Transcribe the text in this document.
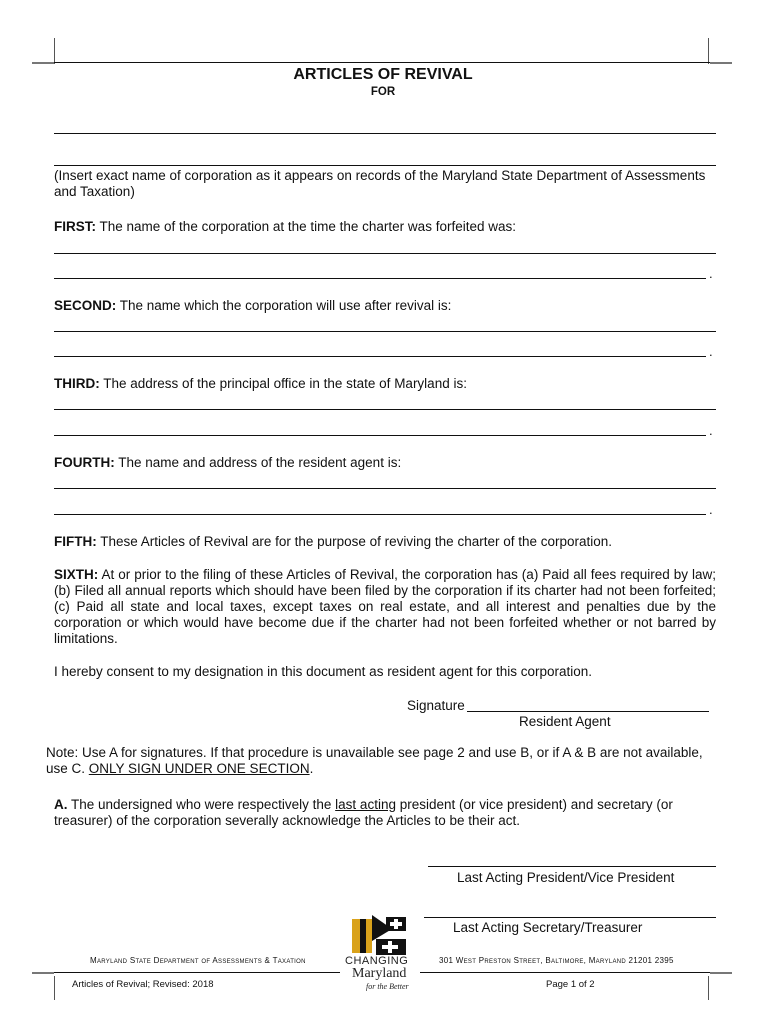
ARTICLES OF REVIVAL
FOR
(Insert exact name of corporation as it appears on records of the Maryland State Department of Assessments and Taxation)
FIRST: The name of the corporation at the time the charter was forfeited was:
.
SECOND: The name which the corporation will use after revival is:
.
THIRD: The address of the principal office in the state of Maryland is:
.
FOURTH: The name and address of the resident agent is:
.
FIFTH: These Articles of Revival are for the purpose of reviving the charter of the corporation.
SIXTH: At or prior to the filing of these Articles of Revival, the corporation has (a) Paid all fees required by law; (b) Filed all annual reports which should have been filed by the corporation if its charter had not been forfeited; (c) Paid all state and local taxes, except taxes on real estate, and all interest and penalties due by the corporation or which would have become due if the charter had not been forfeited whether or not barred by limitations.
I hereby consent to my designation in this document as resident agent for this corporation.
Signature
Resident Agent
Note: Use A for signatures. If that procedure is unavailable see page 2 and use B, or if A & B are not available, use C. ONLY SIGN UNDER ONE SECTION.
A. The undersigned who were respectively the last acting president (or vice president) and secretary (or treasurer) of the corporation severally acknowledge the Articles to be their act.
Last Acting President/Vice President
Last Acting Secretary/Treasurer
Maryland State Department of Assessments & Taxation	301 West Preston Street, Baltimore, Maryland 21201 2395
CHANGING
Maryland
for the Better
Articles of Revival; Revised: 2018	Page 1 of 2
